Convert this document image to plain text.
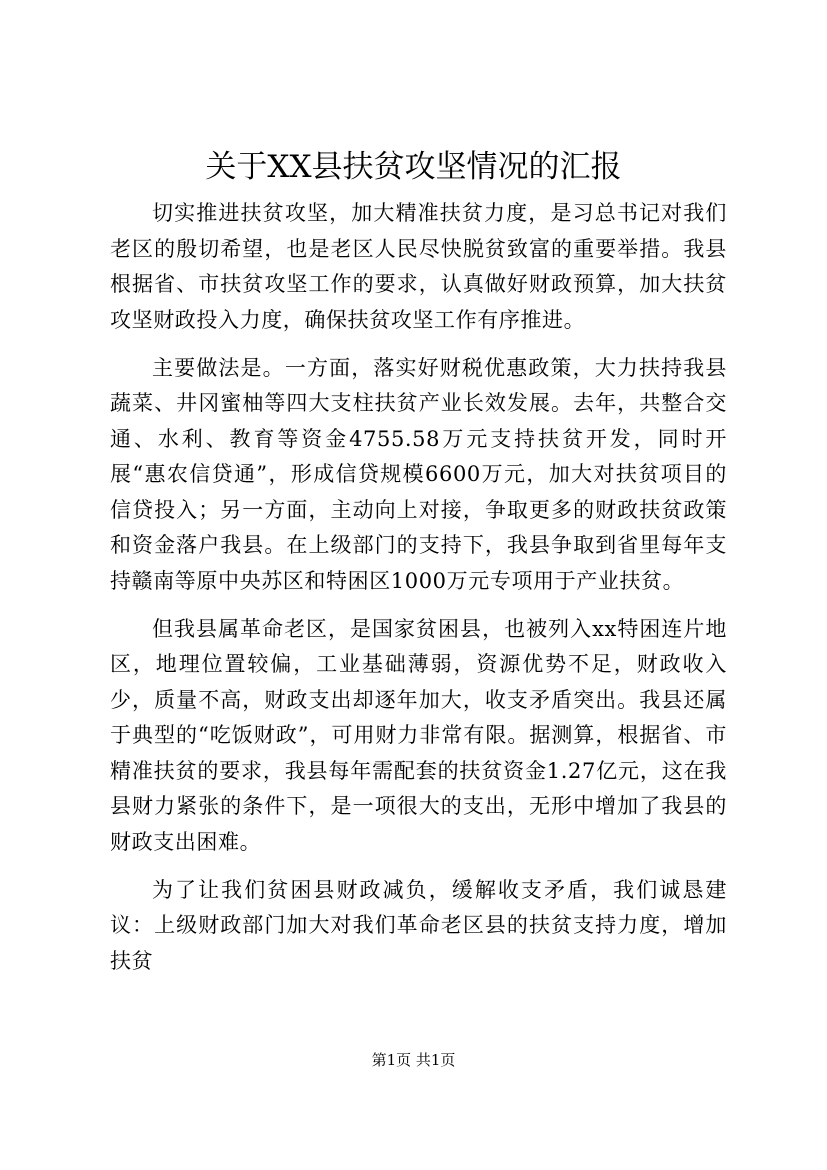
关于XX县扶贫攻坚情况的汇报

切实推进扶贫攻坚，加大精准扶贫力度，是习总书记对我们老区的殷切希望，也是老区人民尽快脱贫致富的重要举措。我县根据省、市扶贫攻坚工作的要求，认真做好财政预算，加大扶贫攻坚财政投入力度，确保扶贫攻坚工作有序推进。

主要做法是。一方面，落实好财税优惠政策，大力扶持我县蔬菜、井冈蜜柚等四大支柱扶贫产业长效发展。去年，共整合交通、水利、教育等资金4755.58万元支持扶贫开发，同时开展“惠农信贷通”，形成信贷规模6600万元，加大对扶贫项目的信贷投入；另一方面，主动向上对接，争取更多的财政扶贫政策和资金落户我县。在上级部门的支持下，我县争取到省里每年支持赣南等原中央苏区和特困区1000万元专项用于产业扶贫。

但我县属革命老区，是国家贫困县，也被列入xx特困连片地区，地理位置较偏，工业基础薄弱，资源优势不足，财政收入少，质量不高，财政支出却逐年加大，收支矛盾突出。我县还属于典型的“吃饭财政”，可用财力非常有限。据测算，根据省、市精准扶贫的要求，我县每年需配套的扶贫资金1.27亿元，这在我县财力紧张的条件下，是一项很大的支出，无形中增加了我县的财政支出困难。

为了让我们贫困县财政减负，缓解收支矛盾，我们诚恳建议：上级财政部门加大对我们革命老区县的扶贫支持力度，增加扶贫

第1页 共1页
